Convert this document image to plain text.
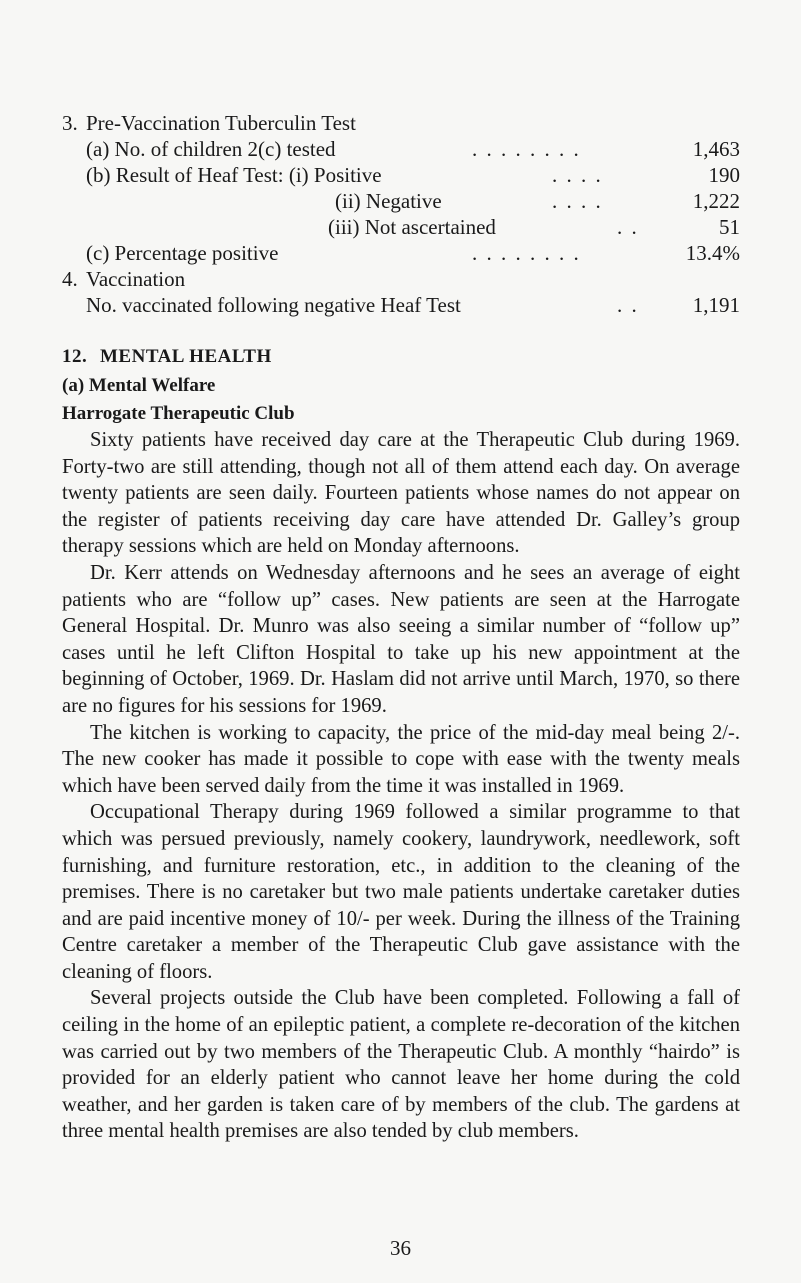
3. Pre-Vaccination Tuberculin Test
(a) No. of children 2(c) tested	. . . . . . . .	1,463
(b) Result of Heaf Test: (i) Positive	. . . .	190
(ii) Negative	. . . .	1,222
(iii) Not ascertained	. .	51
(c) Percentage positive	. . . . . . . .	13.4%
4. Vaccination
No. vaccinated following negative Heaf Test	. .	1,191
12. MENTAL HEALTH
(a) Mental Welfare
Harrogate Therapeutic Club

Sixty patients have received day care at the Therapeutic Club during 1969. Forty-two are still attending, though not all of them attend each day. On average twenty patients are seen daily. Fourteen patients whose names do not appear on the register of patients receiving day care have attended Dr. Galley’s group therapy sessions which are held on Monday afternoons.

Dr. Kerr attends on Wednesday afternoons and he sees an average of eight patients who are “follow up” cases. New patients are seen at the Harrogate General Hospital. Dr. Munro was also seeing a similar number of “follow up” cases until he left Clifton Hospital to take up his new appointment at the beginning of October, 1969. Dr. Haslam did not arrive until March, 1970, so there are no figures for his sessions for 1969.

The kitchen is working to capacity, the price of the mid-day meal being 2/-. The new cooker has made it possible to cope with ease with the twenty meals which have been served daily from the time it was installed in 1969.

Occupational Therapy during 1969 followed a similar programme to that which was persued previously, namely cookery, laundrywork, needlework, soft furnishing, and furniture restoration, etc., in addition to the cleaning of the premises. There is no caretaker but two male patients undertake caretaker duties and are paid incentive money of 10/- per week. During the illness of the Training Centre caretaker a member of the Therapeutic Club gave assistance with the cleaning of floors.

Several projects outside the Club have been completed. Following a fall of ceiling in the home of an epileptic patient, a complete re-decoration of the kitchen was carried out by two members of the Therapeutic Club. A monthly “hairdo” is provided for an elderly patient who cannot leave her home during the cold weather, and her garden is taken care of by members of the club. The gardens at three mental health premises are also tended by club members.

36
